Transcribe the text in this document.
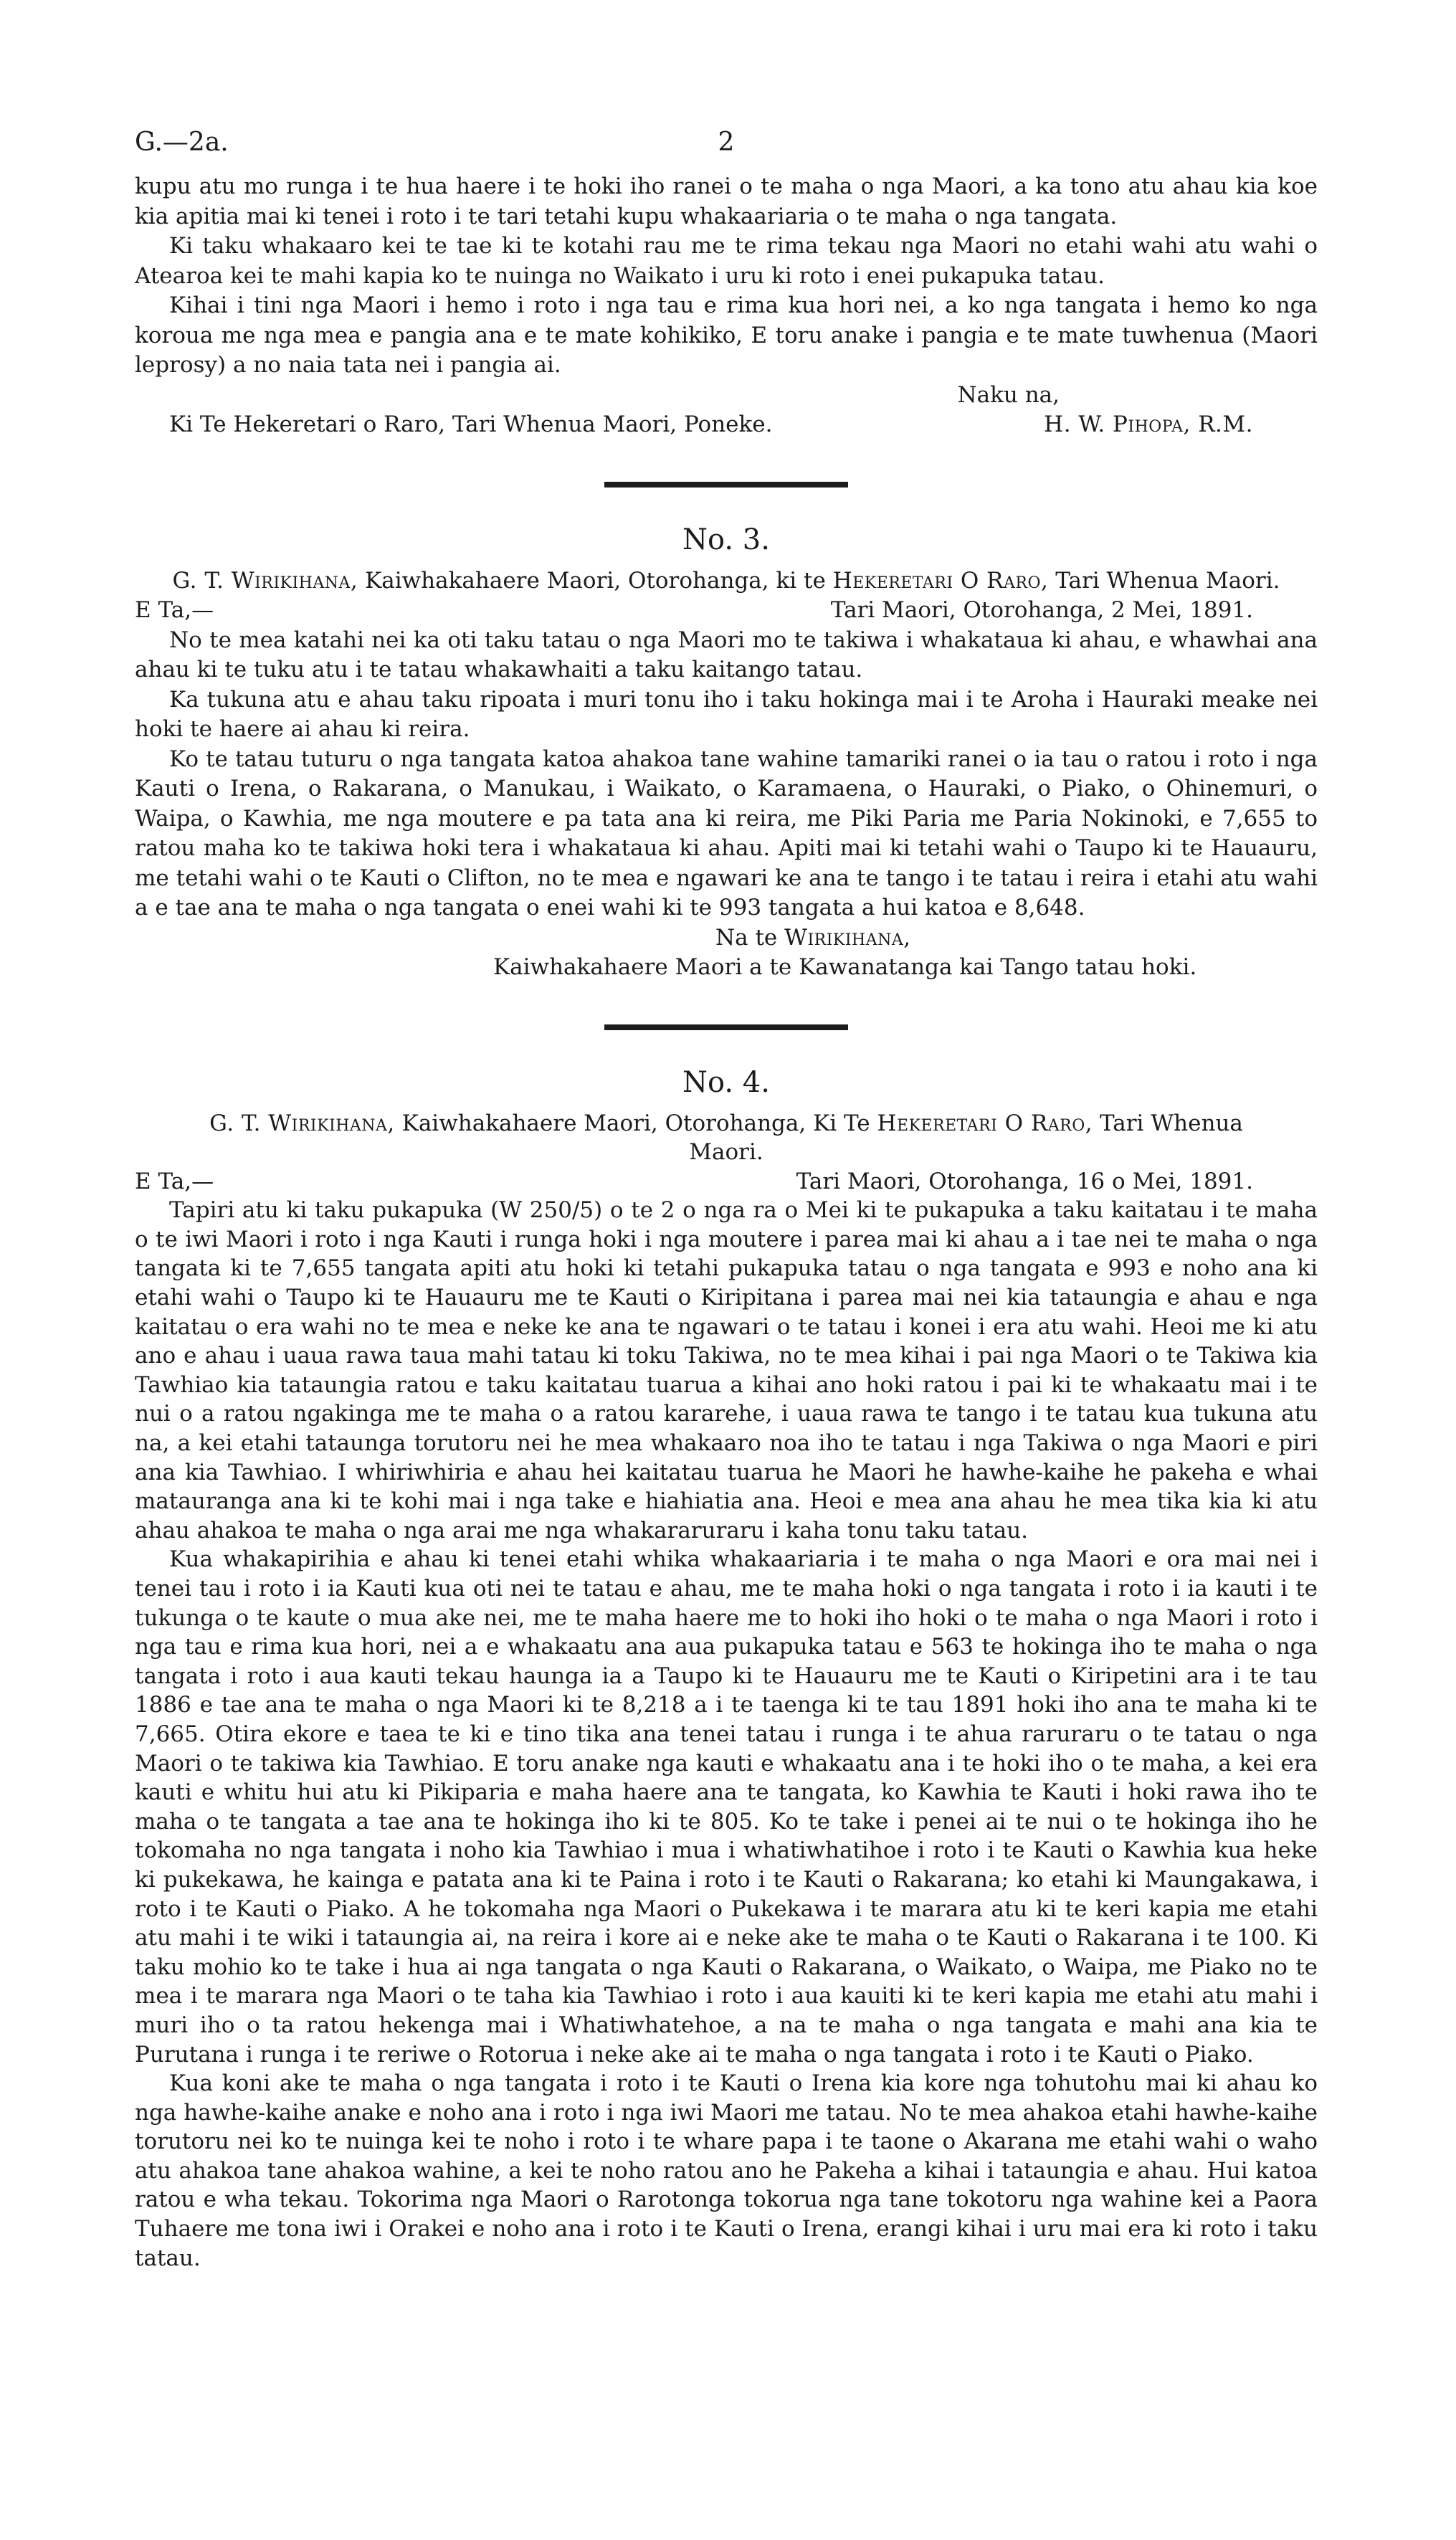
G.—2a.	2

kupu atu mo runga i te hua haere i te hoki iho ranei o te maha o nga Maori, a ka tono atu ahau kia koe kia apitia mai ki tenei i roto i te tari tetahi kupu whakaariaria o te maha o nga tangata.

Ki taku whakaaro kei te tae ki te kotahi rau me te rima tekau nga Maori no etahi wahi atu wahi o Atearoa kei te mahi kapia ko te nuinga no Waikato i uru ki roto i enei pukapuka tatau.

Kihai i tini nga Maori i hemo i roto i nga tau e rima kua hori nei, a ko nga tangata i hemo ko nga koroua me nga mea e pangia ana e te mate kohikiko, E toru anake i pangia e te mate tuwhenua (Maori leprosy) a no naia tata nei i pangia ai.

Naku na,

Ki Te Hekeretari o Raro, Tari Whenua Maori, Poneke.	H. W. Pihopa, R.M.
No. 3.

G. T. Wirikihana, Kaiwhakahaere Maori, Otorohanga, ki te Hekeretari O Raro, Tari Whenua Maori.

E Ta,—	Tari Maori, Otorohanga, 2 Mei, 1891.

No te mea katahi nei ka oti taku tatau o nga Maori mo te takiwa i whakataua ki ahau, e whawhai ana ahau ki te tuku atu i te tatau whakawhaiti a taku kaitango tatau.

Ka tukuna atu e ahau taku ripoata i muri tonu iho i taku hokinga mai i te Aroha i Hauraki meake nei hoki te haere ai ahau ki reira.

Ko te tatau tuturu o nga tangata katoa ahakoa tane wahine tamariki ranei o ia tau o ratou i roto i nga Kauti o Irena, o Rakarana, o Manukau, i Waikato, o Karamaena, o Hauraki, o Piako, o Ohinemuri, o Waipa, o Kawhia, me nga moutere e pa tata ana ki reira, me Piki Paria me Paria Nokinoki, e 7,655 to ratou maha ko te takiwa hoki tera i whakataua ki ahau. Apiti mai ki tetahi wahi o Taupo ki te Hauauru, me tetahi wahi o te Kauti o Clifton, no te mea e ngawari ke ana te tango i te tatau i reira i etahi atu wahi a e tae ana te maha o nga tangata o enei wahi ki te 993 tangata a hui katoa e 8,648.

Na te Wirikihana,

Kaiwhakahaere Maori a te Kawanatanga kai Tango tatau hoki.

No. 4.

G. T. Wirikihana, Kaiwhakahaere Maori, Otorohanga, Ki Te Hekeretari O Raro, Tari Whenua Maori.

E Ta,—	Tari Maori, Otorohanga, 16 o Mei, 1891.

Tapiri atu ki taku pukapuka (W 250/5) o te 2 o nga ra o Mei ki te pukapuka a taku kaitatau i te maha o te iwi Maori i roto i nga Kauti i runga hoki i nga moutere i parea mai ki ahau a i tae nei te maha o nga tangata ki te 7,655 tangata apiti atu hoki ki tetahi pukapuka tatau o nga tangata e 993 e noho ana ki etahi wahi o Taupo ki te Hauauru me te Kauti o Kiripitana i parea mai nei kia tataungia e ahau e nga kaitatau o era wahi no te mea e neke ke ana te ngawari o te tatau i konei i era atu wahi. Heoi me ki atu ano e ahau i uaua rawa taua mahi tatau ki toku Takiwa, no te mea kihai i pai nga Maori o te Takiwa kia Tawhiao kia tataungia ratou e taku kaitatau tuarua a kihai ano hoki ratou i pai ki te whakaatu mai i te nui o a ratou ngakinga me te maha o a ratou kararehe, i uaua rawa te tango i te tatau kua tukuna atu na, a kei etahi tataunga torutoru nei he mea whakaaro noa iho te tatau i nga Takiwa o nga Maori e piri ana kia Tawhiao. I whiriwhiria e ahau hei kaitatau tuarua he Maori he hawhe-kaihe he pakeha e whai matauranga ana ki te kohi mai i nga take e hiahiatia ana. Heoi e mea ana ahau he mea tika kia ki atu ahau ahakoa te maha o nga arai me nga whakararuraru i kaha tonu taku tatau.

Kua whakapirihia e ahau ki tenei etahi whika whakaariaria i te maha o nga Maori e ora mai nei i tenei tau i roto i ia Kauti kua oti nei te tatau e ahau, me te maha hoki o nga tangata i roto i ia kauti i te tukunga o te kaute o mua ake nei, me te maha haere me to hoki iho hoki o te maha o nga Maori i roto i nga tau e rima kua hori, nei a e whakaatu ana aua pukapuka tatau e 563 te hokinga iho te maha o nga tangata i roto i aua kauti tekau haunga ia a Taupo ki te Hauauru me te Kauti o Kiripetini ara i te tau 1886 e tae ana te maha o nga Maori ki te 8,218 a i te taenga ki te tau 1891 hoki iho ana te maha ki te 7,665. Otira ekore e taea te ki e tino tika ana tenei tatau i runga i te ahua raruraru o te tatau o nga Maori o te takiwa kia Tawhiao. E toru anake nga kauti e whakaatu ana i te hoki iho o te maha, a kei era kauti e whitu hui atu ki Pikiparia e maha haere ana te tangata, ko Kawhia te Kauti i hoki rawa iho te maha o te tangata a tae ana te hokinga iho ki te 805. Ko te take i penei ai te nui o te hokinga iho he tokomaha no nga tangata i noho kia Tawhiao i mua i whatiwhatihoe i roto i te Kauti o Kawhia kua heke ki pukekawa, he kainga e patata ana ki te Paina i roto i te Kauti o Rakarana; ko etahi ki Maungakawa, i roto i te Kauti o Piako. A he tokomaha nga Maori o Pukekawa i te marara atu ki te keri kapia me etahi atu mahi i te wiki i tataungia ai, na reira i kore ai e neke ake te maha o te Kauti o Rakarana i te 100. Ki taku mohio ko te take i hua ai nga tangata o nga Kauti o Rakarana, o Waikato, o Waipa, me Piako no te mea i te marara nga Maori o te taha kia Tawhiao i roto i aua kauiti ki te keri kapia me etahi atu mahi i muri iho o ta ratou hekenga mai i Whatiwhatehoe, a na te maha o nga tangata e mahi ana kia te Purutana i runga i te reriwe o Rotorua i neke ake ai te maha o nga tangata i roto i te Kauti o Piako.

Kua koni ake te maha o nga tangata i roto i te Kauti o Irena kia kore nga tohutohu mai ki ahau ko nga hawhe-kaihe anake e noho ana i roto i nga iwi Maori me tatau. No te mea ahakoa etahi hawhe-kaihe torutoru nei ko te nuinga kei te noho i roto i te whare papa i te taone o Akarana me etahi wahi o waho atu ahakoa tane ahakoa wahine, a kei te noho ratou ano he Pakeha a kihai i tataungia e ahau. Hui katoa ratou e wha tekau. Tokorima nga Maori o Rarotonga tokorua nga tane tokotoru nga wahine kei a Paora Tuhaere me tona iwi i Orakei e noho ana i roto i te Kauti o Irena, erangi kihai i uru mai era ki roto i taku tatau.
